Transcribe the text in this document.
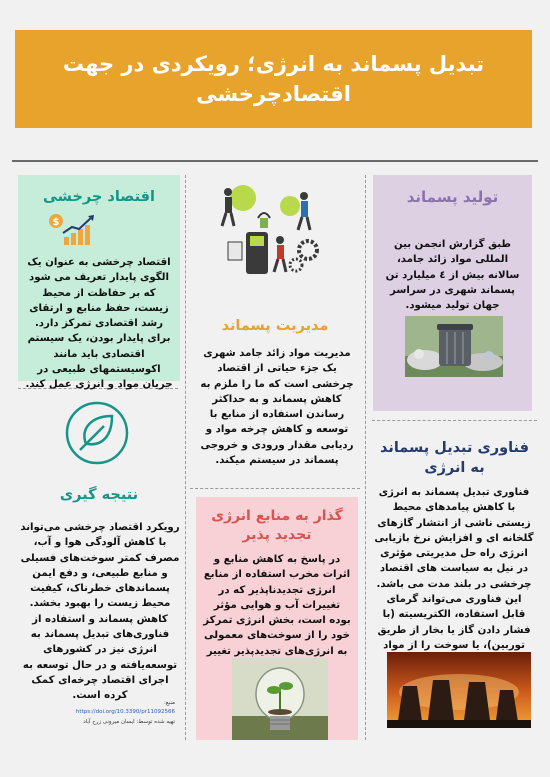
تبدیل پسماند به انرژی؛ رویکردی در جهت اقتصادچرخشی
اقتصاد چرخشی
$
اقتصاد چرخشی به عنوان یک الگوی پایدار تعریف می شود که بر حفاظت از محیط زیست، حفظ منابع و ارتقای رشد اقتصادی تمرکز دارد. برای پایدار بودن، یک سیستم اقتصادی باید مانند اکوسیستمهای طبیعی در جریان مواد و انرژی عمل کند.
مدیریت پسماند
مدیریت مواد زائد جامد شهری یک جزء حیاتی از اقتصاد چرخشی است که ما را ملزم به کاهش پسماند و به حداکثر رساندن استفاده از منابع با توسعه و کاهش چرخه مواد و ردیابی مقدار ورودی و خروجی پسماند در سیستم میکند.
تولید پسماند
طبق گزارش انجمن بین المللی مواد زائد جامد، سالانه بیش از ٤ میلیارد تن پسماند شهری در سراسر جهان تولید میشود.
نتیجه گیری
رویکرد اقتصاد چرخشی می‌تواند با کاهش آلودگی هوا و آب، مصرف کمتر سوخت‌های فسیلی و منابع طبیعی، و دفع ایمن پسماندهای خطرناک، کیفیت محیط زیست را بهبود بخشد. کاهش پسماند و استفاده از فناوری‌های تبدیل پسماند به انرژی نیز در کشورهای توسعه‌یافته و در حال توسعه به اجرای اقتصاد چرخه‌ای کمک کرده است.
منبع:
https://doi.org/10.3390/pr11092566
تهیه شده توسط: ایسان میرونی زرح آباد
گذار به منابع انرژی تجدید پذیر
در پاسخ به کاهش منابع و اثرات مخرب استفاده از منابع انرژی تجدیدناپذیر که در تغییرات آب و هوایی مؤثر بوده است، بخش انرژی تمرکز خود را از سوخت‌های معمولی به انرژی‌های تجدیدپذیر تغییر
فناوری تبدیل پسماند به انرژی
فناوری تبدیل پسماند به انرژی با کاهش پیامدهای محیط زیستی ناشی از انتشار گازهای گلخانه ای و افزایش نرخ بازیابی انرژی راه حل مدیریتی مؤثری در نیل به سیاست های اقتصاد چرخشی در بلند مدت می باشد. این فناوری می‌تواند گرمای قابل استفاده، الکتریسیته (با فشار دادن گاز یا بخار از طریق توربین)، یا سوخت را از مواد
